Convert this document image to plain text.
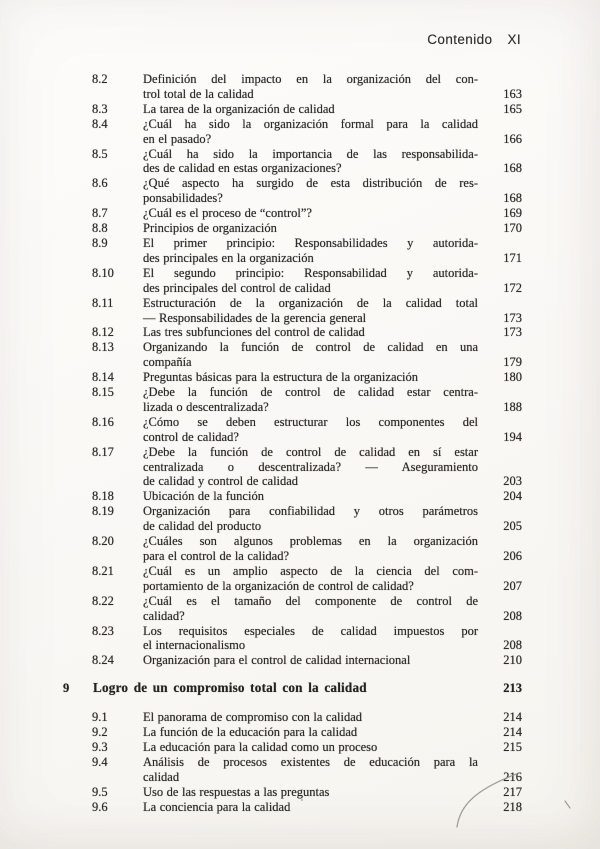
Contenido XI
8.2	Definición del impacto en la organización del con-
trol total de la calidad	163
8.3	La tarea de la organización de calidad	165
8.4	¿Cuál ha sido la organización formal para la calidad
en el pasado?	166
8.5	¿Cuál ha sido la importancia de las responsabilida-
des de calidad en estas organizaciones?	168
8.6	¿Qué aspecto ha surgido de esta distribución de res-
ponsabilidades?	168
8.7	¿Cuál es el proceso de “control”?	169
8.8	Principios de organización	170
8.9	El primer principio: Responsabilidades y autorida-
des principales en la organización	171
8.10	El segundo principio: Responsabilidad y autorida-
des principales del control de calidad	172
8.11	Estructuración de la organización de la calidad total
— Responsabilidades de la gerencia general	173
8.12	Las tres subfunciones del control de calidad	173
8.13	Organizando la función de control de calidad en una
compañía	179
8.14	Preguntas básicas para la estructura de la organización	180
8.15	¿Debe la función de control de calidad estar centra-
lizada o descentralizada?	188
8.16	¿Cómo se deben estructurar los componentes del
control de calidad?	194
8.17	¿Debe la función de control de calidad en sí estar
centralizada o descentralizada? — Aseguramiento
de calidad y control de calidad	203
8.18	Ubicación de la función	204
8.19	Organización para confiabilidad y otros parámetros
de calidad del producto	205
8.20	¿Cuáles son algunos problemas en la organización
para el control de la calidad?	206
8.21	¿Cuál es un amplio aspecto de la ciencia del com-
portamiento de la organización de control de calidad?	207
8.22	¿Cuál es el tamaño del componente de control de
calidad?	208
8.23	Los requisitos especiales de calidad impuestos por
el internacionalismo	208
8.24	Organización para el control de calidad internacional	210
9	Logro de un compromiso total con la calidad	213
9.1	El panorama de compromiso con la calidad	214
9.2	La función de la educación para la calidad	214
9.3	La educación para la calidad como un proceso	215
9.4	Análisis de procesos existentes de educación para la
calidad	216
9.5	Uso de las respuestas a las preguntas	217
9.6	La conciencia para la calidad	218
